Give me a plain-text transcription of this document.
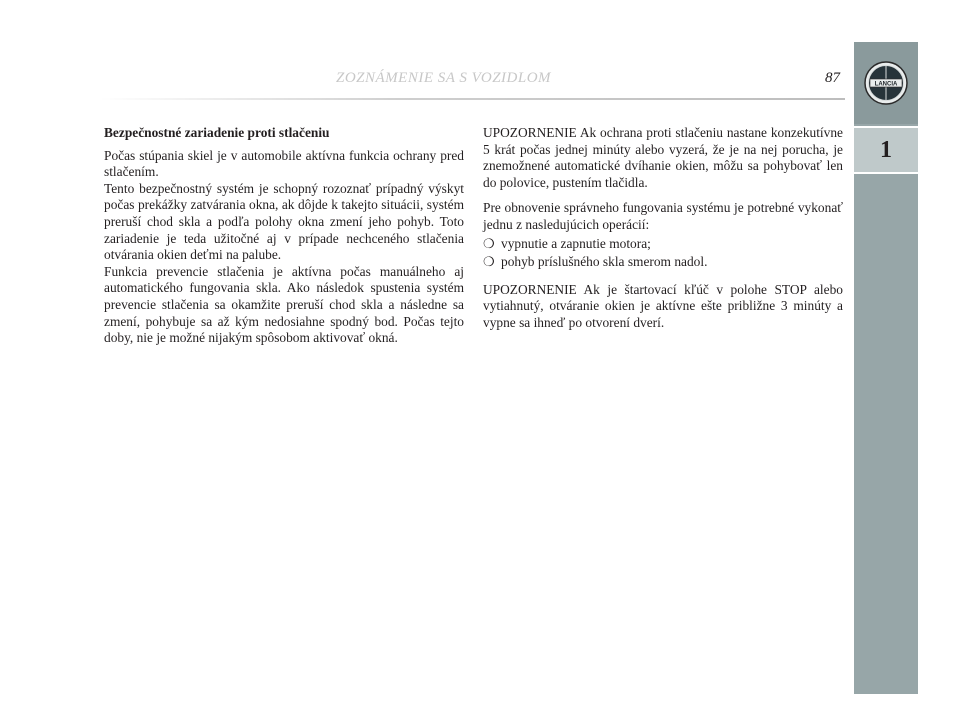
ZOZNÁMENIE SA S VOZIDLOM	87	LANCIA
1

Bezpečnostné zariadenie proti stlačeniu

Počas stúpania skiel je v automobile aktívna funkcia ochrany pred stlačením.

Tento bezpečnostný systém je schopný rozoznať prípadný výskyt počas prekážky zatvárania okna, ak dôjde k takejto situácii, systém preruší chod skla a podľa polohy okna zmení jeho pohyb. Toto zariadenie je teda užitočné aj v prípade nechceného stlačenia otvárania okien deťmi na palube.

Funkcia prevencie stlačenia je aktívna počas manuálneho aj automatického fungovania skla. Ako následok spustenia systém prevencie stlačenia sa okamžite preruší chod skla a následne sa zmení, pohybuje sa až kým nedosiahne spodný bod. Počas tejto doby, nie je možné nijakým spôsobom aktivovať okná.

UPOZORNENIE Ak ochrana proti stlačeniu nastane konzekutívne 5 krát počas jednej minúty alebo vyzerá, že je na nej porucha, je znemožnené automatické dvíhanie okien, môžu sa pohybovať len do polovice, pustením tlačidla.

Pre obnovenie správneho fungovania systému je potrebné vykonať jednu z nasledujúcich operácií:

❍ vypnutie a zapnutie motora;
❍ pohyb príslušného skla smerom nadol.

UPOZORNENIE Ak je štartovací kľúč v polohe STOP alebo vytiahnutý, otváranie okien je aktívne ešte približne 3 minúty a vypne sa ihneď po otvorení dverí.
